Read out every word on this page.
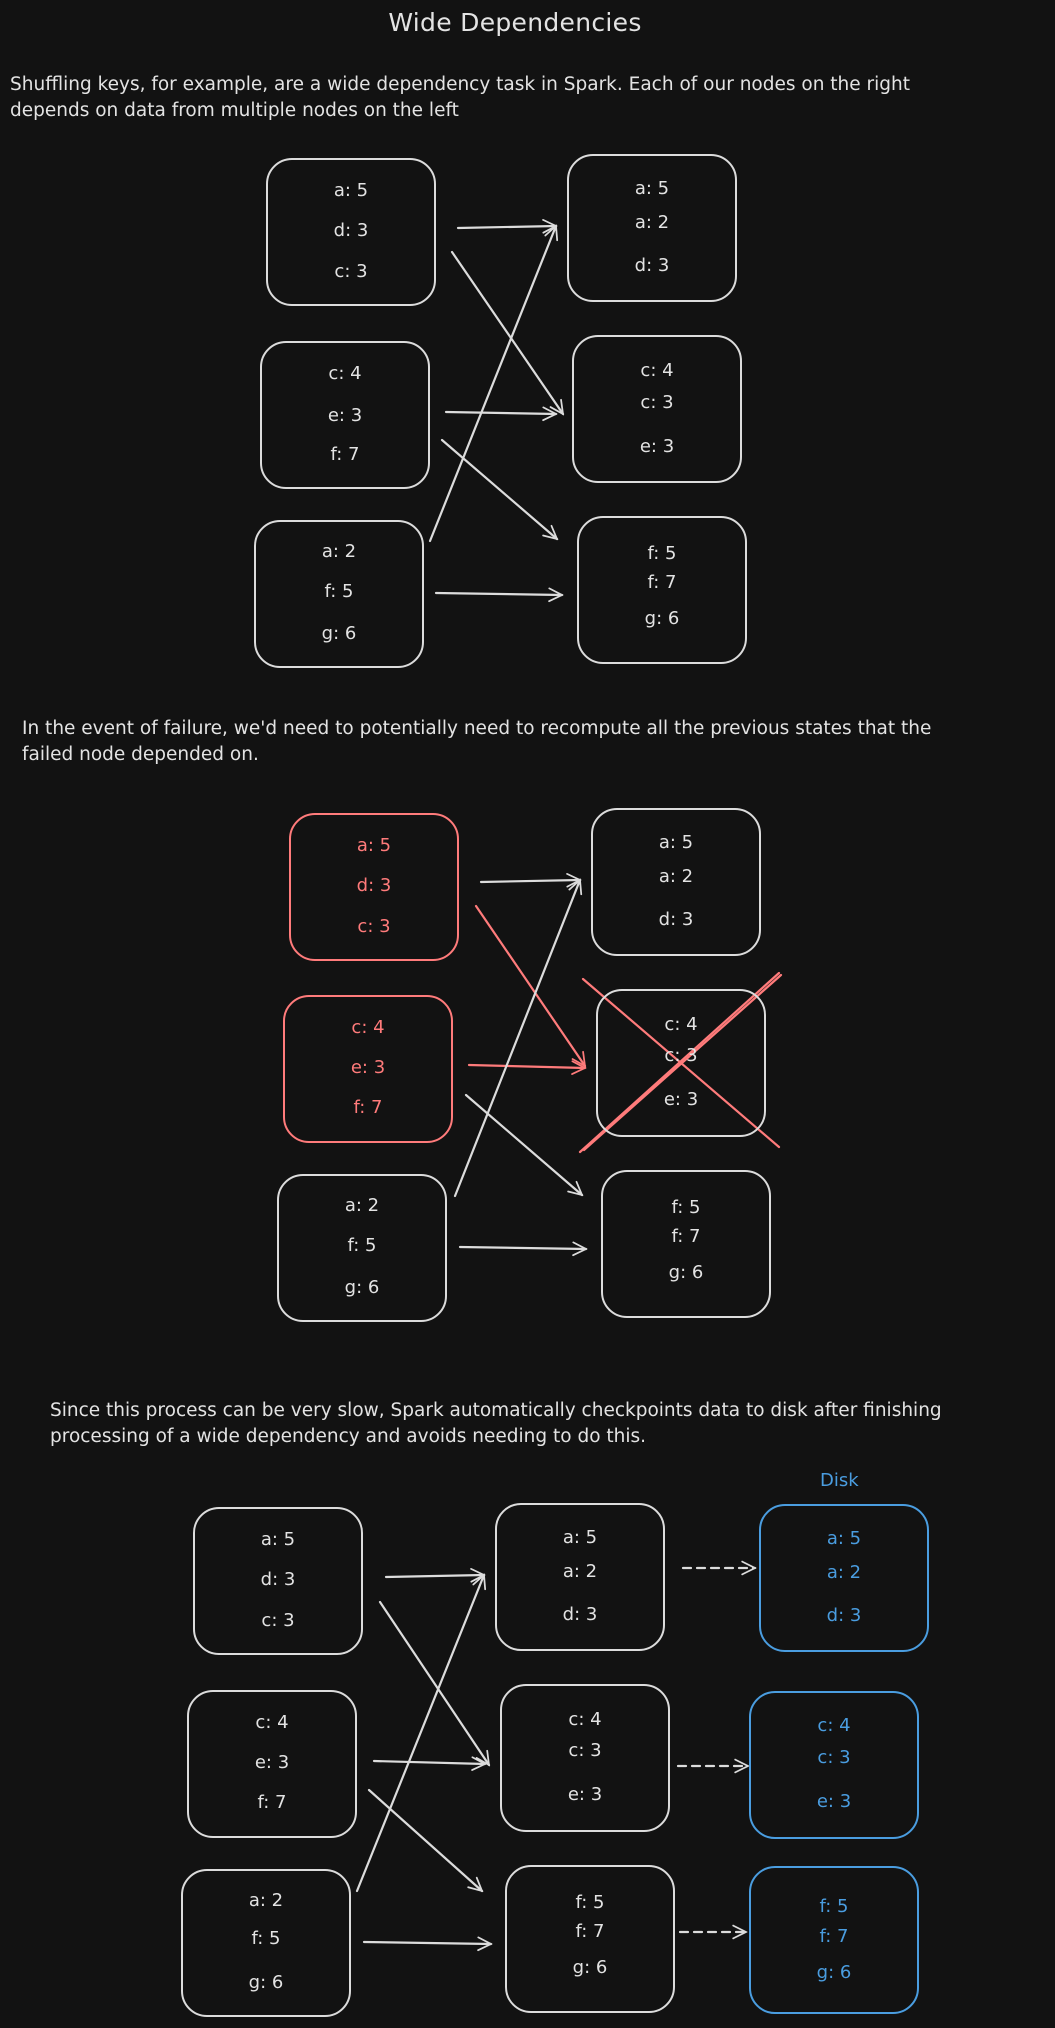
Wide Dependencies
Shuffling keys, for example, are a wide dependency task in Spark. Each of our nodes on the right
depends on data from multiple nodes on the left
In the event of failure, we'd need to potentially need to recompute all the previous states that the
failed node depended on.
Since this process can be very slow, Spark automatically checkpoints data to disk after finishing
processing of a wide dependency and avoids needing to do this.
a: 5
d: 3
c: 3
c: 4
e: 3
f: 7
a: 2
f: 5
g: 6
a: 5
a: 2
d: 3
c: 4
c: 3
e: 3
f: 5
f: 7
g: 6
a: 5
d: 3
c: 3
c: 4
e: 3
f: 7
a: 2
f: 5
g: 6
a: 5
a: 2
d: 3
c: 4
c: 3
e: 3
f: 5
f: 7
g: 6
a: 5
d: 3
c: 3
c: 4
e: 3
f: 7
a: 2
f: 5
g: 6
a: 5
a: 2
d: 3
c: 4
c: 3
e: 3
f: 5
f: 7
g: 6
Disk
a: 5
a: 2
d: 3
c: 4
c: 3
e: 3
f: 5
f: 7
g: 6
